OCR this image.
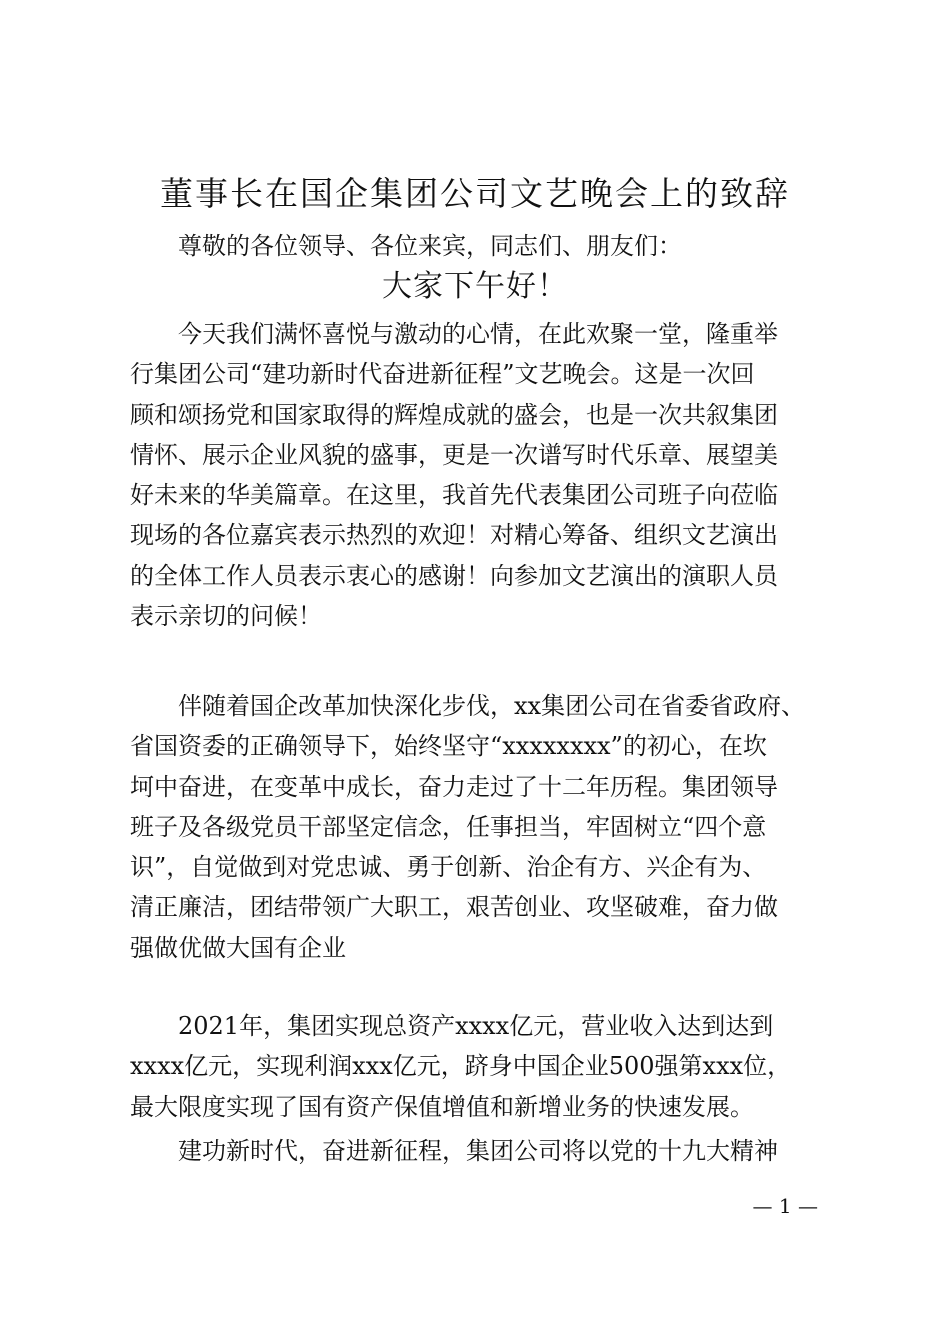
董事长在国企集团公司文艺晚会上的致辞
尊敬的各位领导、各位来宾，同志们、朋友们：
大家下午好！
今天我们满怀喜悦与激动的心情，在此欢聚一堂，隆重举
行集团公司“建功新时代奋进新征程”文艺晚会。这是一次回
顾和颂扬党和国家取得的辉煌成就的盛会，也是一次共叙集团
情怀、展示企业风貌的盛事，更是一次谱写时代乐章、展望美
好未来的华美篇章。在这里，我首先代表集团公司班子向莅临
现场的各位嘉宾表示热烈的欢迎！对精心筹备、组织文艺演出
的全体工作人员表示衷心的感谢！向参加文艺演出的演职人员
表示亲切的问候！
伴随着国企改革加快深化步伐，xx集团公司在省委省政府、
省国资委的正确领导下，始终坚守“xxxxxxxx”的初心，在坎
坷中奋进，在变革中成长，奋力走过了十二年历程。集团领导
班子及各级党员干部坚定信念，任事担当，牢固树立“四个意
识”，自觉做到对党忠诚、勇于创新、治企有方、兴企有为、
清正廉洁，团结带领广大职工，艰苦创业、攻坚破难，奋力做
强做优做大国有企业
2021年，集团实现总资产xxxx亿元，营业收入达到达到
xxxx亿元，实现利润xxx亿元，跻身中国企业500强第xxx位，
最大限度实现了国有资产保值增值和新增业务的快速发展。
建功新时代，奋进新征程，集团公司将以党的十九大精神
— 1 —
